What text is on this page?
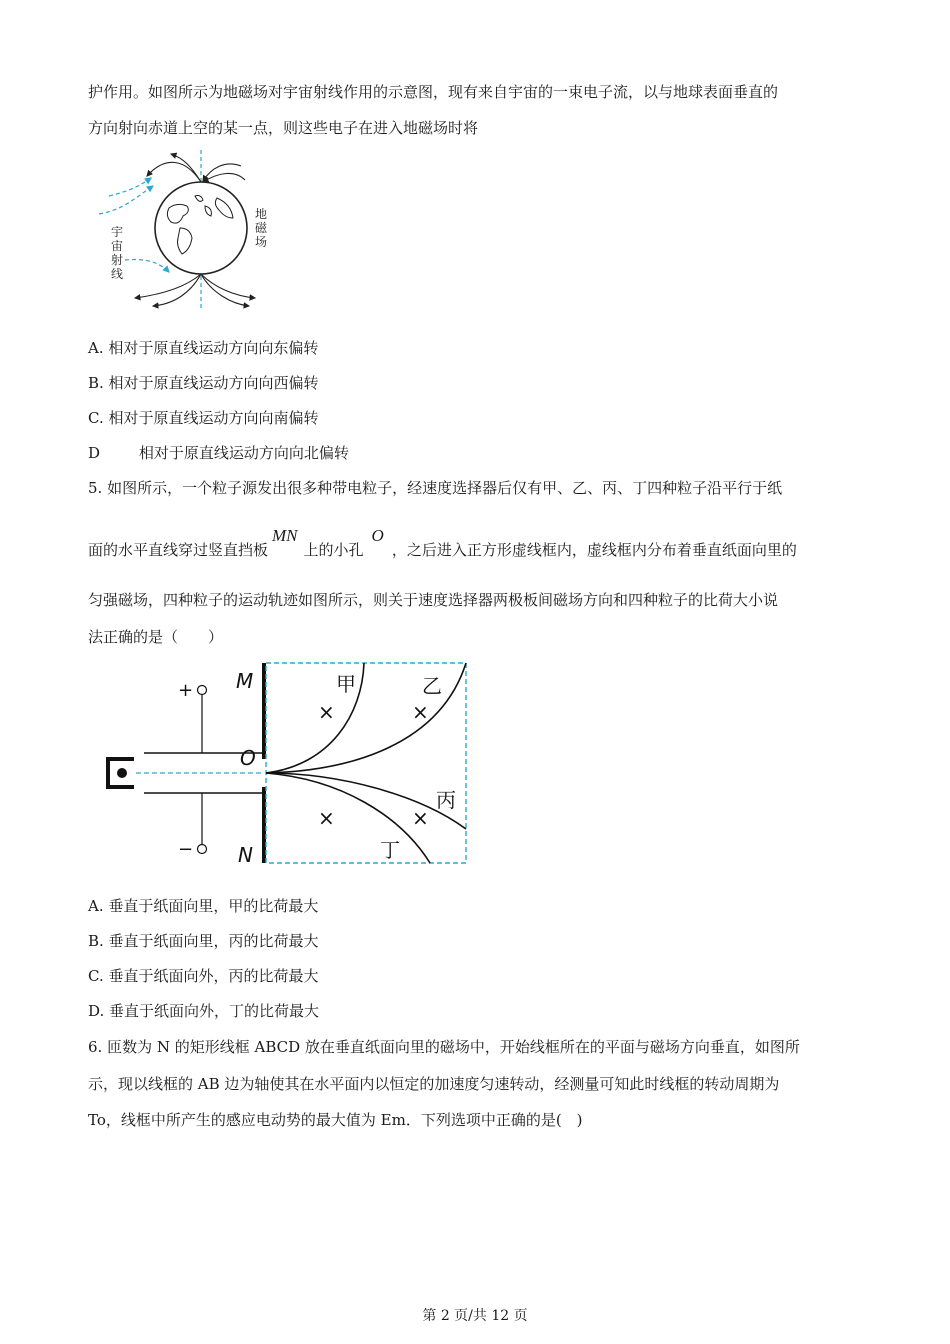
护作用。如图所示为地磁场对宇宙射线作用的示意图，现有来自宇宙的一束电子流，以与地球表面垂直的
方向射向赤道上空的某一点，则这些电子在进入地磁场时将
宇
宙
射
线
地
磁
场
A. 相对于原直线运动方向向东偏转
B. 相对于原直线运动方向向西偏转
C. 相对于原直线运动方向向南偏转
D	相对于原直线运动方向向北偏转
5. 如图所示，一个粒子源发出很多种带电粒子，经速度选择器后仅有甲、乙、丙、丁四种粒子沿平行于纸
面的水平直线穿过竖直挡板MN上的小孔O，之后进入正方形虚线框内，虚线框内分布着垂直纸面向里的
匀强磁场，四种粒子的运动轨迹如图所示，则关于速度选择器两极板间磁场方向和四种粒子的比荷大小说
法正确的是（　　）
+
−
M
O
N
甲	乙
丙
丁
×	×
×	×
A. 垂直于纸面向里，甲的比荷最大
B. 垂直于纸面向里，丙的比荷最大
C. 垂直于纸面向外，丙的比荷最大
D. 垂直于纸面向外，丁的比荷最大
6. 匝数为 N 的矩形线框 ABCD 放在垂直纸面向里的磁场中，开始线框所在的平面与磁场方向垂直，如图所
示，现以线框的 AB 边为轴使其在水平面内以恒定的加速度匀速转动，经测量可知此时线框的转动周期为
To，线框中所产生的感应电动势的最大值为 Em．下列选项中正确的是(　)
第 2 页/共 12 页
